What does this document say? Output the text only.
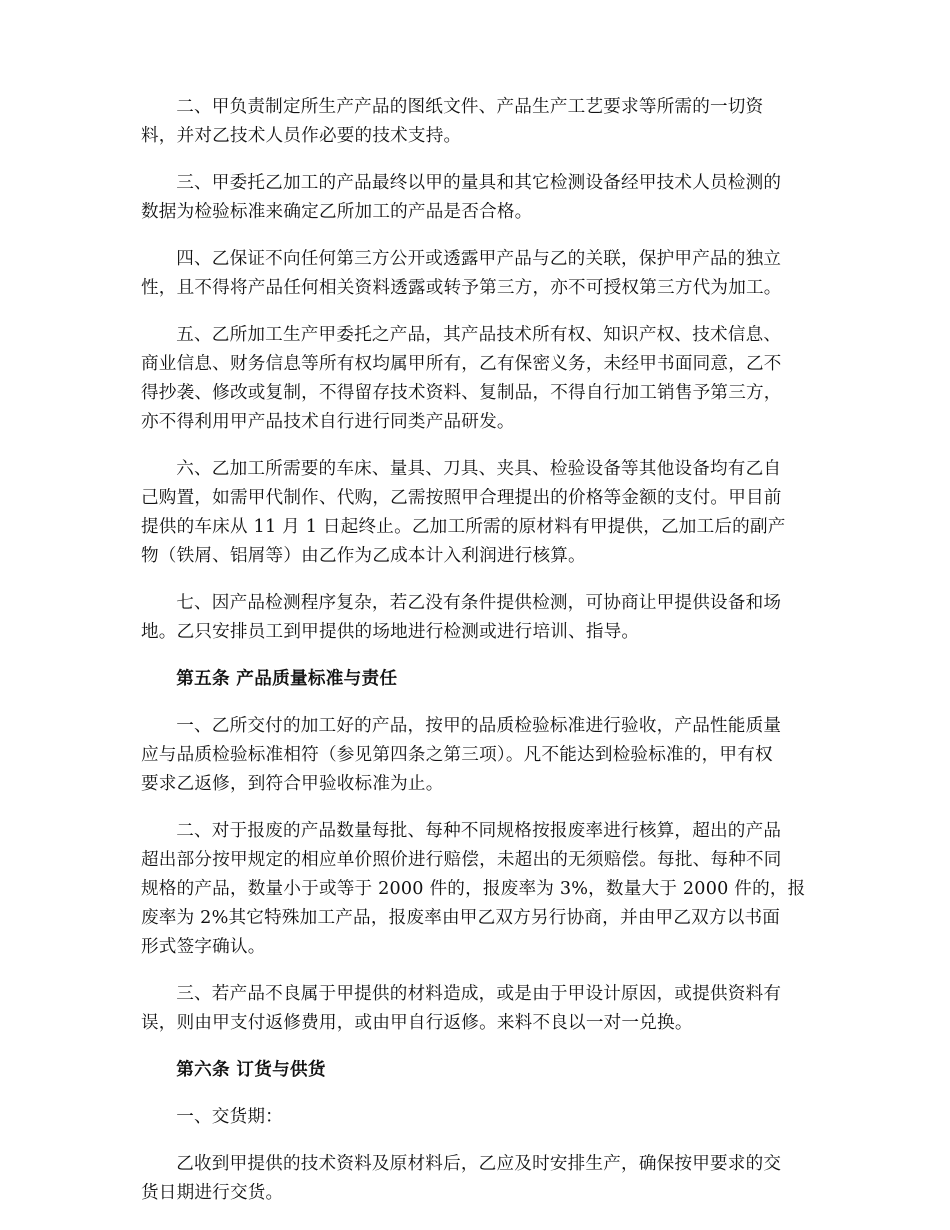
二、甲负责制定所生产产品的图纸文件、产品生产工艺要求等所需的一切资
料，并对乙技术人员作必要的技术支持。

三、甲委托乙加工的产品最终以甲的量具和其它检测设备经甲技术人员检测的
数据为检验标准来确定乙所加工的产品是否合格。

四、乙保证不向任何第三方公开或透露甲产品与乙的关联，保护甲产品的独立
性，且不得将产品任何相关资料透露或转予第三方，亦不可授权第三方代为加工。

五、乙所加工生产甲委托之产品，其产品技术所有权、知识产权、技术信息、
商业信息、财务信息等所有权均属甲所有，乙有保密义务，未经甲书面同意，乙不
得抄袭、修改或复制，不得留存技术资料、复制品，不得自行加工销售予第三方，
亦不得利用甲产品技术自行进行同类产品研发。

六、乙加工所需要的车床、量具、刀具、夹具、检验设备等其他设备均有乙自
己购置，如需甲代制作、代购，乙需按照甲合理提出的价格等金额的支付。甲目前
提供的车床从 11 月 1 日起终止。乙加工所需的原材料有甲提供，乙加工后的副产
物（铁屑、铝屑等）由乙作为乙成本计入利润进行核算。

七、因产品检测程序复杂，若乙没有条件提供检测，可协商让甲提供设备和场
地。乙只安排员工到甲提供的场地进行检测或进行培训、指导。

第五条 产品质量标准与责任

一、乙所交付的加工好的产品，按甲的品质检验标准进行验收，产品性能质量
应与品质检验标准相符（参见第四条之第三项）。凡不能达到检验标准的，甲有权
要求乙返修，到符合甲验收标准为止。

二、对于报废的产品数量每批、每种不同规格按报废率进行核算，超出的产品
超出部分按甲规定的相应单价照价进行赔偿，未超出的无须赔偿。每批、每种不同
规格的产品，数量小于或等于 2000 件的，报废率为 3%，数量大于 2000 件的，报
废率为 2%其它特殊加工产品，报废率由甲乙双方另行协商，并由甲乙双方以书面
形式签字确认。

三、若产品不良属于甲提供的材料造成，或是由于甲设计原因，或提供资料有
误，则由甲支付返修费用，或由甲自行返修。来料不良以一对一兑换。

第六条 订货与供货

一、交货期：

乙收到甲提供的技术资料及原材料后，乙应及时安排生产，确保按甲要求的交
货日期进行交货。
